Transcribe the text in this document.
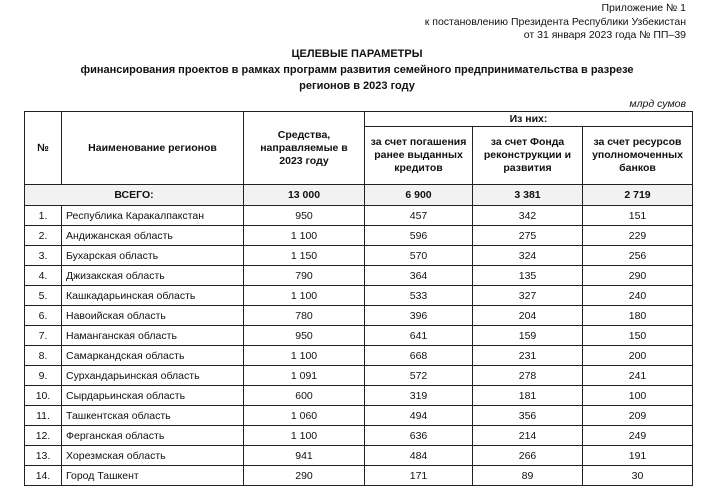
Приложение № 1
к постановлению Президента Республики Узбекистан
от 31 января 2023 года № ПП–39
ЦЕЛЕВЫЕ ПАРАМЕТРЫ
финансирования проектов в рамках программ развития семейного предпринимательства в разрезе
регионов в 2023 году
млрд сумов
№	Наименование регионов	Средства, направляемые в 2023 году	Из них:		
			за счет погашения ранее выданных кредитов	за счет Фонда реконструкции и развития	за счет ресурсов уполномоченных банков
ВСЕГО:		13 000	6 900	3 381	2 719
1.	Республика Каракалпакстан	950	457	342	151
2.	Андижанская область	1 100	596	275	229
3.	Бухарская область	1 150	570	324	256
4.	Джизакская область	790	364	135	290
5.	Кашкадарьинская область	1 100	533	327	240
6.	Навоийская область	780	396	204	180
7.	Наманганская область	950	641	159	150
8.	Самаркандская область	1 100	668	231	200
9.	Сурхандарьинская область	1 091	572	278	241
10.	Сырдарьинская область	600	319	181	100
11.	Ташкентская область	1 060	494	356	209
12.	Ферганская область	1 100	636	214	249
13.	Хорезмская область	941	484	266	191
14.	Город Ташкент	290	171	89	30
